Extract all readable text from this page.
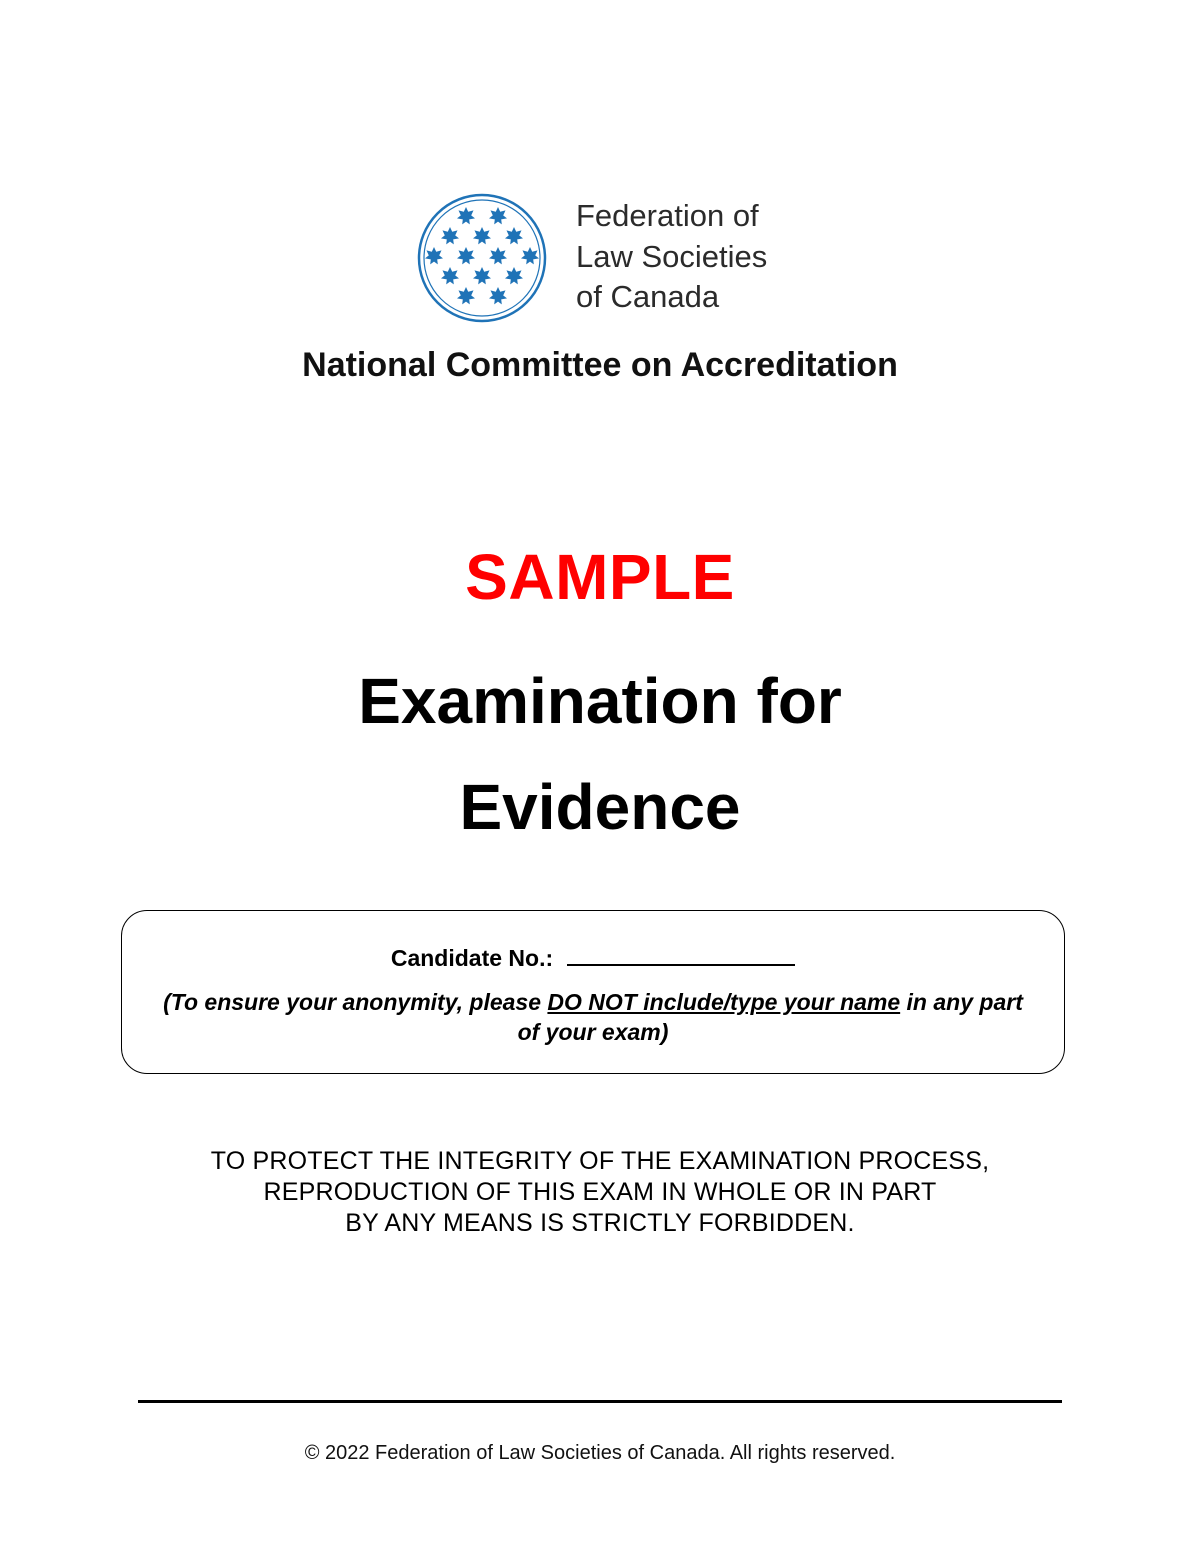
Federation of
Law Societies
of Canada
National Committee on Accreditation
SAMPLE
Examination for
Evidence
Candidate No.:
(To ensure your anonymity, please DO NOT include/type your name in any part of your exam)
TO PROTECT THE INTEGRITY OF THE EXAMINATION PROCESS,
REPRODUCTION OF THIS EXAM IN WHOLE OR IN PART
BY ANY MEANS IS STRICTLY FORBIDDEN.
© 2022 Federation of Law Societies of Canada. All rights reserved.
